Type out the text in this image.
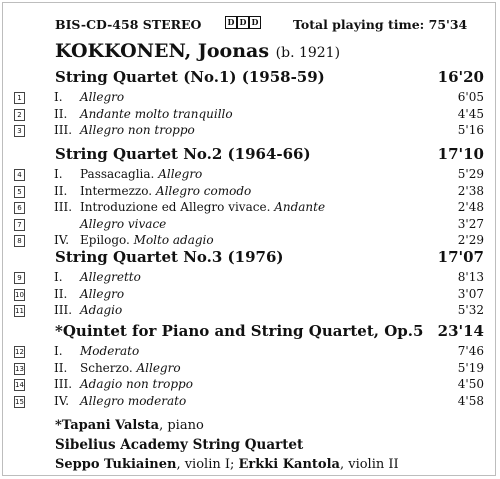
BIS-CD-458 STEREO	D D D	Total playing time: 75'34
KOKKONEN, Joonas (b. 1921)
String Quartet (No.1) (1958-59)	16'20
1	I. Allegro	6'05
2	II. Andante molto tranquillo	4'45
3	III. Allegro non troppo	5'16
String Quartet No.2 (1964-66)	17'10
4	I. Passacaglia. Allegro	5'29
5	II. Intermezzo. Allegro comodo	2'38
6	III. Introduzione ed Allegro vivace. Andante	2'48
7	Allegro vivace	3'27
8	IV. Epilogo. Molto adagio	2'29
String Quartet No.3 (1976)	17'07
9	I. Allegretto	8'13
10	II. Allegro	3'07
11	III. Adagio	5'32
*Quintet for Piano and String Quartet, Op.5 23'14
12	I. Moderato	7'46
13	II. Scherzo. Allegro	5'19
14	III. Adagio non troppo	4'50
15	IV. Allegro moderato	4'58
*Tapani Valsta, piano
Sibelius Academy String Quartet
Seppo Tukiainen, violin I; Erkki Kantola, violin II
